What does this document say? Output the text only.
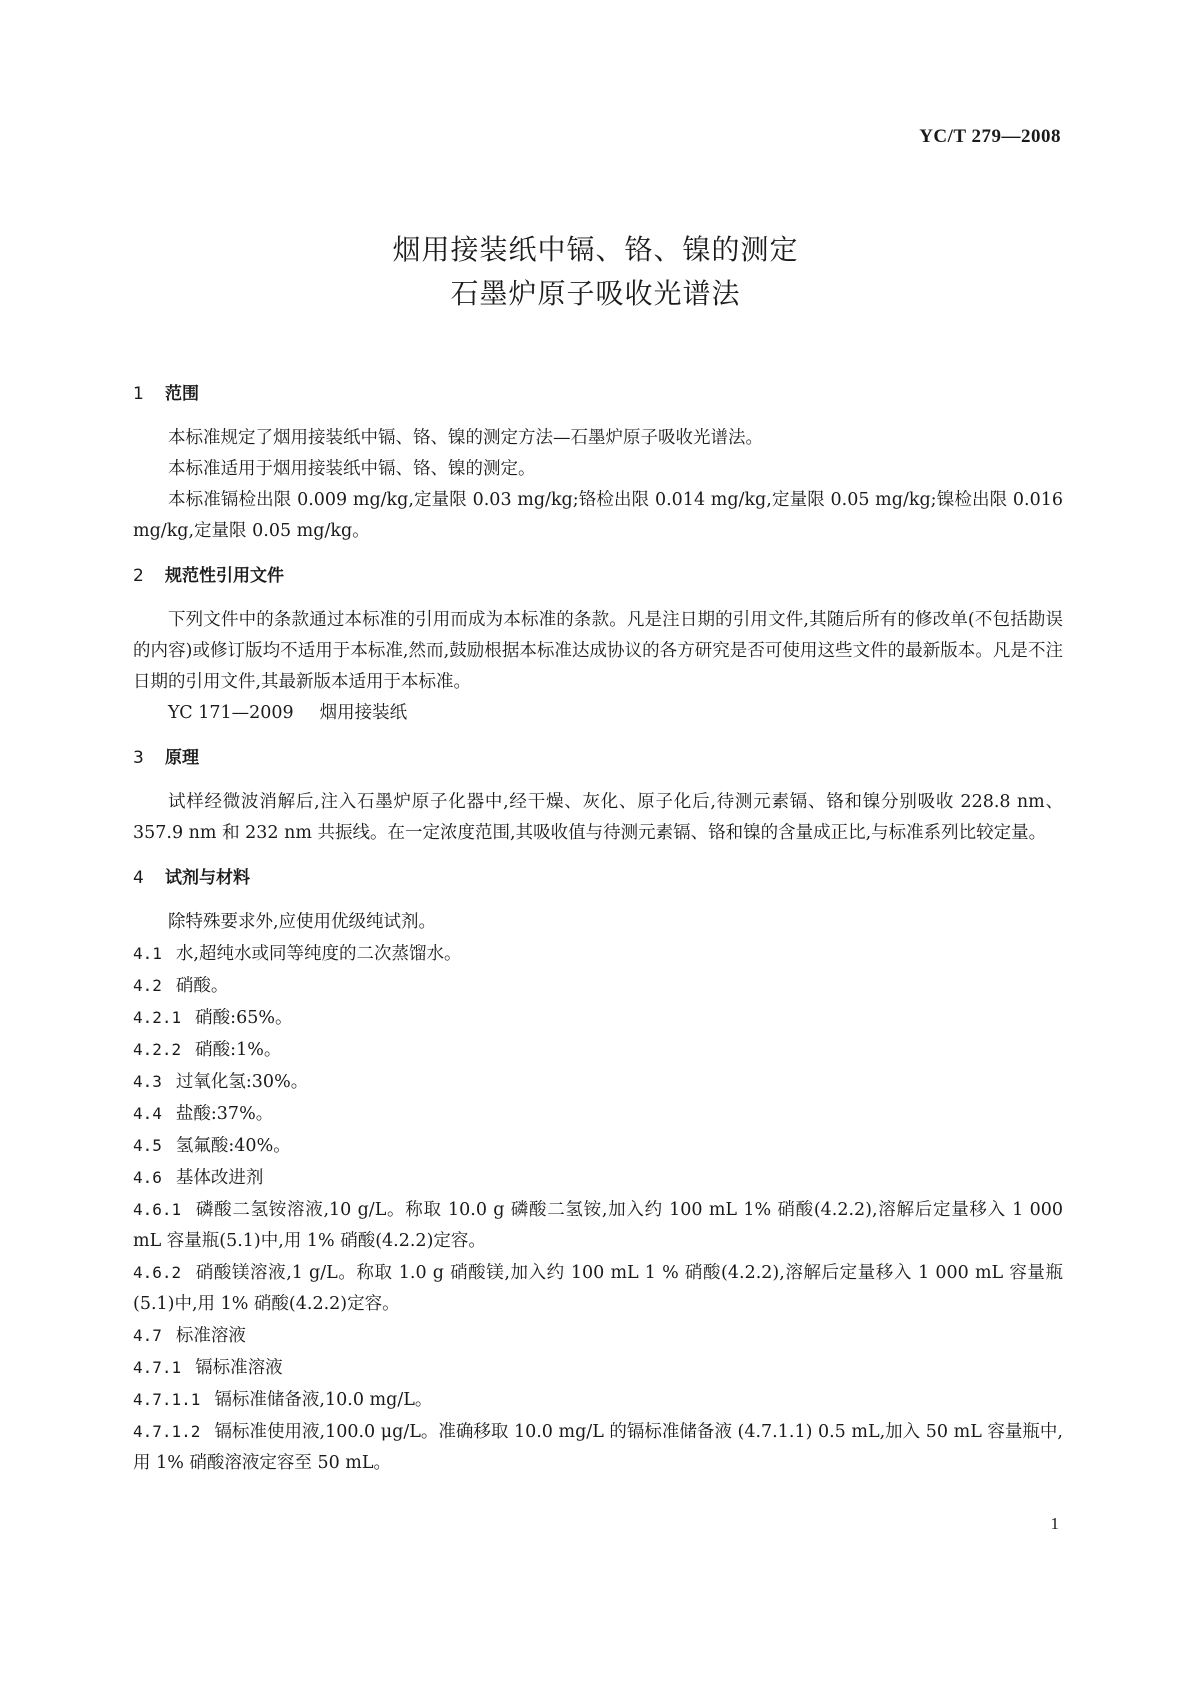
YC/T 279—2008
烟用接装纸中镉、铬、镍的测定
石墨炉原子吸收光谱法
1 范围

本标准规定了烟用接装纸中镉、铬、镍的测定方法—石墨炉原子吸收光谱法。

本标准适用于烟用接装纸中镉、铬、镍的测定。

本标准镉检出限 0.009 mg/kg,定量限 0.03 mg/kg;铬检出限 0.014 mg/kg,定量限 0.05 mg/kg;镍检出限 0.016 mg/kg,定量限 0.05 mg/kg。

2 规范性引用文件

下列文件中的条款通过本标准的引用而成为本标准的条款。凡是注日期的引用文件,其随后所有的修改单(不包括勘误的内容)或修订版均不适用于本标准,然而,鼓励根据本标准达成协议的各方研究是否可使用这些文件的最新版本。凡是不注日期的引用文件,其最新版本适用于本标准。

YC 171—2009 烟用接装纸

3 原理

试样经微波消解后,注入石墨炉原子化器中,经干燥、灰化、原子化后,待测元素镉、铬和镍分别吸收 228.8 nm、357.9 nm 和 232 nm 共振线。在一定浓度范围,其吸收值与待测元素镉、铬和镍的含量成正比,与标准系列比较定量。

4 试剂与材料

除特殊要求外,应使用优级纯试剂。

4.1 水,超纯水或同等纯度的二次蒸馏水。

4.2 硝酸。

4.2.1 硝酸:65%。

4.2.2 硝酸:1%。

4.3 过氧化氢:30%。

4.4 盐酸:37%。

4.5 氢氟酸:40%。

4.6 基体改进剂

4.6.1 磷酸二氢铵溶液,10 g/L。称取 10.0 g 磷酸二氢铵,加入约 100 mL 1% 硝酸(4.2.2),溶解后定量移入 1 000 mL 容量瓶(5.1)中,用 1% 硝酸(4.2.2)定容。

4.6.2 硝酸镁溶液,1 g/L。称取 1.0 g 硝酸镁,加入约 100 mL 1 % 硝酸(4.2.2),溶解后定量移入 1 000 mL 容量瓶(5.1)中,用 1% 硝酸(4.2.2)定容。

4.7 标准溶液

4.7.1 镉标准溶液

4.7.1.1 镉标准储备液,10.0 mg/L。

4.7.1.2 镉标准使用液,100.0 μg/L。准确移取 10.0 mg/L 的镉标准储备液 (4.7.1.1) 0.5 mL,加入 50 mL 容量瓶中,用 1% 硝酸溶液定容至 50 mL。

1
